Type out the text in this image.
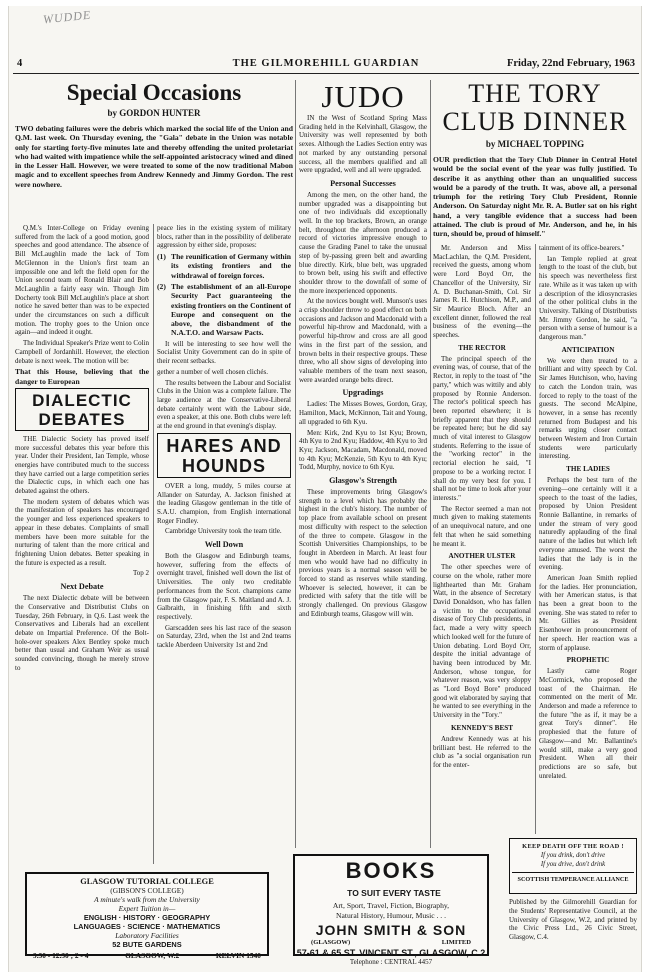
WUDDE
4	THE GILMOREHILL GUARDIAN	Friday, 22nd February, 1963
Special Occasions
by GORDON HUNTER
TWO debating failures were the debris which marked the social life of the Union and Q.M. last week. On Thursday evening, the "Gala" debate in the Union was notable only for starting forty-five minutes late and thereby offending the united proletariat who had waited with impatience while the self-appointed aristocracy wined and dined in the Lesser Hall. However, we were treated to some of the now traditional Mabon magic and to excellent speeches from Andrew Kennedy and Jimmy Gordon. The rest were nowhere.
Q.M.'s Inter-College on Friday evening suffered from the lack of a good motion, good speeches and good attendance. The absence of Bill McLaughlin made the lack of Tom McGlennon in the Union's first team an impossible one and left the field open for the Union second team of Ronald Blair and Bob McLaughlin a fairly easy win. Though Jim Docherty took Bill McLaughlin's place at short notice he saved better than was to be expected under the circumstances on such a difficult motion. The trophy goes to the Union once again—and indeed it ought.
The Individual Speaker's Prize went to Colin Campbell of Jordanhill. However, the election debate is next week. The motion will be:
That this House, believing that the danger to European
DIALECTIC DEBATES
THE Dialectic Society has proved itself more successful debates this year before this year. Under their President, Ian Temple, whose energies have contributed much to the success they have carried out a large competition series the Dialectic cups, in which each one has debated against the others.
The modern system of debates which was the manifestation of speakers has encouraged the younger and less experienced speakers to appear in these debates. Complaints of small members have been more suitable for the nurturing of talent than the more critical and frightening Union debates. Better speaking in the future is expected as a result.
Top 2
Next Debate
The next Dialectic debate will be between the Conservative and Distributist Clubs on Tuesday, 26th February, in Q.6. Last week the Conservatives and Liberals had an excellent debate on Impartial Preference. Of the Bolt-hole-over speakers Alex Bentley spoke much better than usual and Graham Weir as usual sounded convincing, though he merely strove to
peace lies in the existing system of military blocs, rather than in the possibility of deliberate aggression by either side, proposes:
(1) The reunification of Germany within its existing frontiers and the withdrawal of foreign forces.
(2) The establishment of an all-Europe Security Pact guaranteeing the existing frontiers on the Continent of Europe and consequent on the above, the disbandment of the N.A.T.O. and Warsaw Pacts.
It will be interesting to see how well the Socialist Unity Government can do in spite of their recent setbacks.
gether a number of well chosen clichés.
The results between the Labour and Socialist Clubs in the Union was a complete failure. The large audience at the Conservative-Liberal debate certainly went with the Labour side, even a speaker, at this one. Both clubs were left at the end ground in that evening's display.
HARES AND HOUNDS
OVER a long, muddy, 5 miles course at Allander on Saturday, A. Jackson finished at the leading Glasgow gentleman in the title of S.A.U. champion, from English international Roger Findley.
Cambridge University took the team title.
Well Down
Both the Glasgow and Edinburgh teams, however, suffering from the effects of overnight travel, finished well down the list of Universities. The only two creditable performances from the Scot. champions came from the Glasgow pair, F. S. Maitland and A. J. Galbraith, in finishing fifth and sixth respectively.
Garscadden sees his last race of the season on Saturday, 23rd, when the 1st and 2nd teams tackle Aberdeen University 1st and 2nd
JUDO
IN the West of Scotland Spring Mass Grading held in the Kelvinhall, Glasgow, the University was well represented by both sexes. Although the Ladies Section entry was not marked by any outstanding personal success, all the members qualified and all were upgraded, well and all were upgraded.
Personal Successes
Among the men, on the other hand, the number upgraded was a disappointing but one of two individuals did exceptionally well. In the top brackets, Brown, an orange belt, throughout the afternoon produced a record of victories impressive enough to cause the Grading Panel to take the unusual step of by-passing green belt and awarding blue directly. Kirk, blue belt, was upgraded to brown belt, using his swift and effective shoulder throw to the downfall of some of the more inexperienced opponents.
At the novices bought well. Munson's uses a crisp shoulder throw to good effect on both occasions and Jackson and Macdonald with a powerful hip-throw and Macdonald, with a powerful hip-throw and cross are all good wins in the first part of the session, and brown belts in their respective groups. These three, who all show signs of developing into valuable members of the team next season, were awarded orange belts direct.
Upgradings
Ladies: The Misses Bowes, Gordon, Gray, Hamilton, Mack, McKinnon, Tait and Young, all upgraded to 6th Kyu.
Men: Kirk, 2nd Kyu to 1st Kyu; Brown, 4th Kyu to 2nd Kyu; Haddow, 4th Kyu to 3rd Kyu; Jackson, Macadam, Macdonald, moved to 4th Kyu; McKenzie, 5th Kyu to 4th Kyu; Todd, Murphy, novice to 6th Kyu.
Glasgow's Strength
These improvements bring Glasgow's strength to a level which has probably the highest in the club's history. The number of top place from available school on present most difficulty with respect to the selection of the three to compete. Glasgow in the Scottish Universities Championships, to be fought in Aberdeen in March. At least four men who would have had no difficulty in previous years is a normal season will be forced to stand as reserves while standing. Whoever is selected, however, it can be predicted with safety that the title will be strongly challenged. On previous Glasgow and Edinburgh teams, Glasgow will win.
THE TORY CLUB DINNER
by MICHAEL TOPPING
OUR prediction that the Tory Club Dinner in Central Hotel would be the social event of the year was fully justified. To describe it as anything other than an unqualified success would be a parody of the truth. It was, above all, a personal triumph for the retiring Tory Club President, Ronnie Anderson. On Saturday night Mr. R. A. Butler sat on his right hand, a very tangible evidence that a success had been attained. The club is proud of Mr. Anderson, and he, in his turn, should be, proud of himself."
Mr. Anderson and Miss MacLachlan, the Q.M. President, received the guests, among whom were Lord Boyd Orr, the Chancellor of the University, Sir A. D. Buchanan-Smith, Col. Sir James R. H. Hutchison, M.P., and Sir Maurice Bloch. After an excellent dinner, followed the real business of the evening—the speeches.
THE RECTOR
The principal speech of the evening was, of course, that of the Rector, in reply to the toast of "the party," which was wittily and ably proposed by Ronnie Anderson. The rector's political speech has been reported elsewhere; it is briefly apparent that they should be repeated here; but he did say much of vital interest to Glasgow students. Referring to the issue of the "working rector" in the rectorial election he said, "I propose to be a working rector. I shall do my very best for you. I shall not be time to look after your interests."
The Rector seemed a man not much given to making statements of an unequivocal nature, and one felt that when he said something he meant it.
ANOTHER ULSTER
The other speeches were of course on the whole, rather more lighthearted than Mr. Graham Watt, in the absence of Secretary David Donaldson, who has fallen a victim to the occupational disease of Tory Club presidents, in fact, made a very witty speech which looked well for the future of Union debating. Lord Boyd Orr, despite the initial advantage of having been introduced by Mr. Anderson, whose tongue, for whatever reason, was very sloppy as "Lord Boyd Bore" produced good wit elaborated by saying that he wanted to see everything in the University in the "Tory."
KENNEDY'S BEST
Andrew Kennedy was at his brilliant best. He referred to the club as "a social organisation run for the enter-
tainment of its office-bearers."
Ian Temple replied at great length to the toast of the club, but his speech was nevertheless first rate. While as it was taken up with a description of the idiosyncrasies of the other political clubs in the University. Talking of Distributists Mr. Jimmy Gordon, he said, "a person with a sense of humour is a dangerous man."
ANTICIPATION
We were then treated to a brilliant and witty speech by Col. Sir James Hutchison, who, having to catch the London train, was forced to reply to the toast of the guests. The second McAlpine, however, in a sense has recently returned from Budapest and his remarks urging closer contact between Western and Iron Curtain students were particularly interesting.
THE LADIES
Perhaps the best turn of the evening—one certainly will it a speech to the toast of the ladies, proposed by Union President Ronnie Ballantine, in remarks of under the stream of very good naturedly applauding of the final nature of the ladies but which left everyone amused. The worst the ladies that the lady is in the evening.
American Joan Smith replied for the ladies. Her pronunciation, with her American status, is that has been a great boon to the evening. She was stated to refer to Mr. Gillies as President Eisenhower in pronouncement of her speech. Her reaction was a storm of applause.
PROPHETIC
Lastly came Roger McCormick, who proposed the toast of the Chairman. He commented on the merit of Mr. Anderson and made a reference to the future "the as if, it may be a great Tory's dinner". He prophesied that the future of Glasgow—and Mr. Ballantine's would still, make a very good President. When all their predictions are so safe, but unrelated.
GLASGOW TUTORIAL COLLEGE
(GIBSON'S COLLEGE)
A minute's walk from the University
Expert Tuition in—
ENGLISH · HISTORY · GEOGRAPHY
LANGUAGES · SCIENCE · MATHEMATICS
Laboratory Facilities
52 BUTE GARDENS
9.30 - 12.30 ; 2 - 4	GLASGOW, W.2	KELVIN 1540
BOOKS TO SUIT EVERY TASTE
Art, Sport, Travel, Fiction, Biography,
Natural History, Humour, Music . . .
JOHN SMITH & SON
(GLASGOW)	LIMITED
57-61 & 65 ST. VINCENT ST., GLASGOW, C.2
Telephone : CENTRAL 4457
KEEP DEATH OFF THE ROAD !
If you drink, don't drive
If you drive, don't drink
SCOTTISH TEMPERANCE ALLIANCE
Published by the Gilmorehill Guardian for the Students' Representative Council, at the University of Glasgow, W.2, and printed by the Civic Press Ltd., 26 Civic Street, Glasgow, C.4.
